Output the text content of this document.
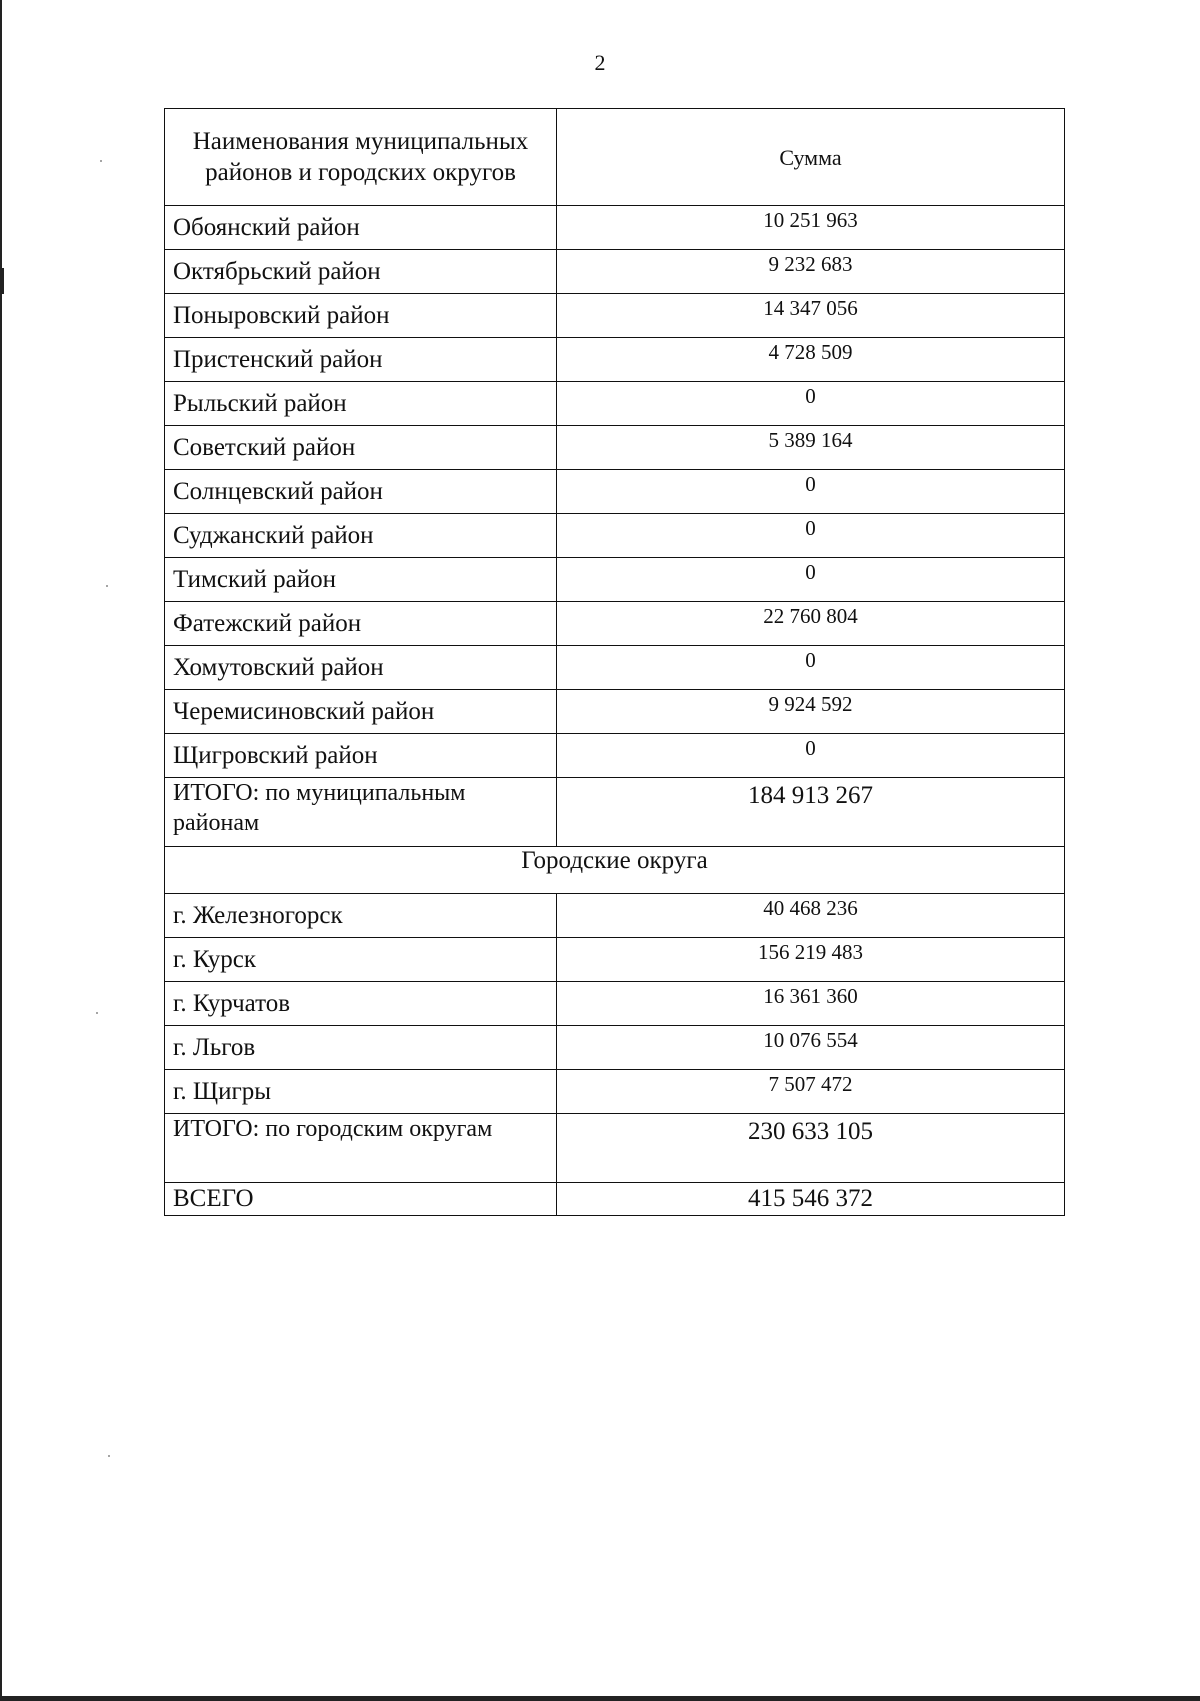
2
Наименования муниципальных районов и городских округов	Сумма
Обоянский район	10 251 963
Октябрьский район	9 232 683
Поныровский район	14 347 056
Пристенский район	4 728 509
Рыльский район	0
Советский район	5 389 164
Солнцевский район	0
Суджанский район	0
Тимский район	0
Фатежский район	22 760 804
Хомутовский район	0
Черемисиновский район	9 924 592
Щигровский район	0
ИТОГО: по муниципальным районам	184 913 267
Городские округа	
г. Железногорск	40 468 236
г. Курск	156 219 483
г. Курчатов	16 361 360
г. Льгов	10 076 554
г. Щигры	7 507 472
ИТОГО: по городским округам	230 633 105
ВСЕГО	415 546 372
